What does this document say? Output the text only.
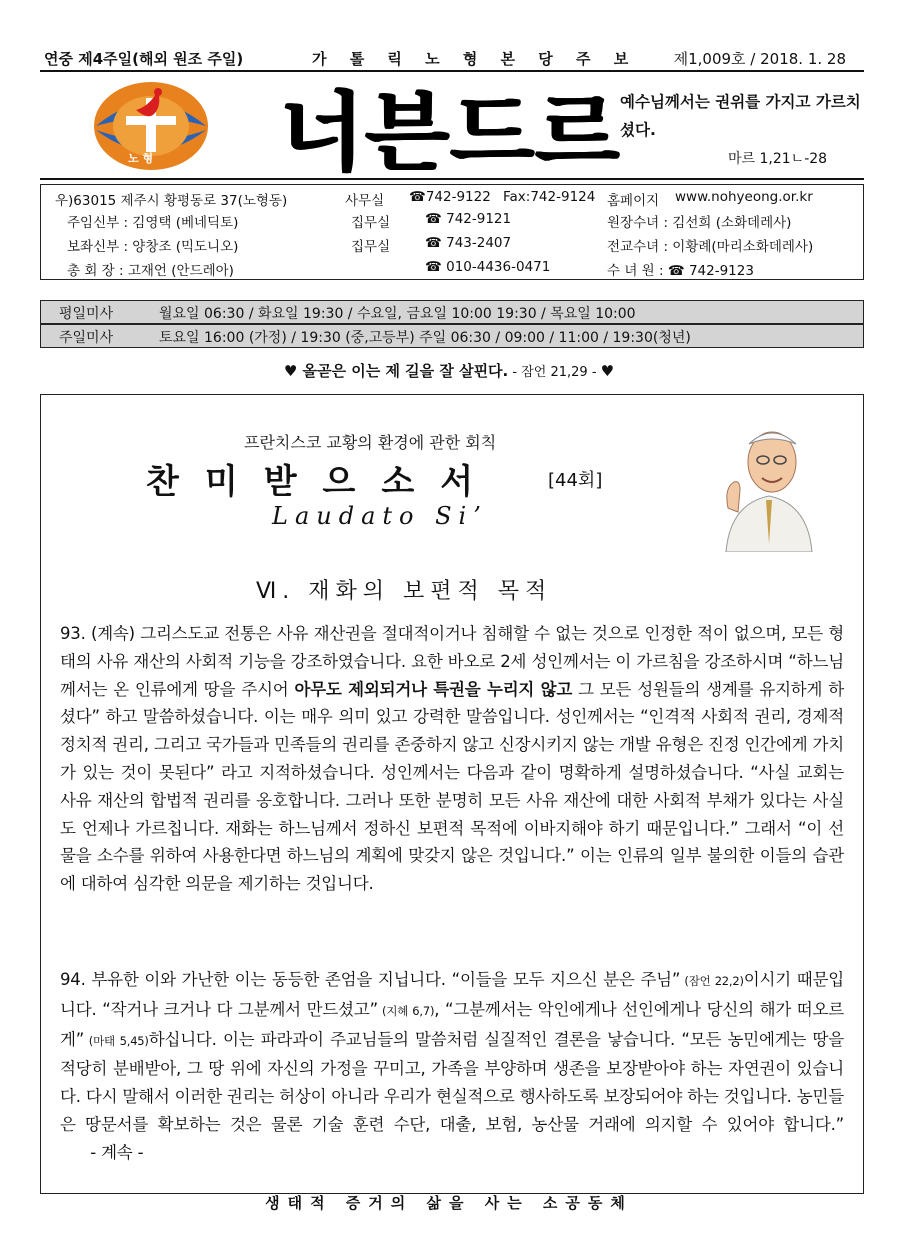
연중 제4주일(해외 원조 주일)	가 톨 릭 노 형 본 당 주 보 제1,009호 / 2018. 1. 28
노 형 너븐드르 예수님께서는 권위를 가지고 가르치셨다.
마르 1,21ㄴ-28
우)63015 제주시 황평동로 37(노형동)	사무실 ☎742-9122 Fax:742-9124 홈페이지 www.nohyeong.or.kr
주임신부 : 김영택 (베네딕토)	집무실	☎ 742-9121	원장수녀 : 김선희 (소화데레사)
보좌신부 : 양창조 (믹도니오)	집무실	☎ 743-2407	전교수녀 : 이황례(마리소화데레사)
총 회 장 : 고재언 (안드레아)	☎ 010-4436-0471	수 녀 원 : ☎ 742-9123
평일미사	월요일 06:30 / 화요일 19:30 / 수요일, 금요일 10:00 19:30 / 목요일 10:00
주일미사	토요일 16:00 (가정) / 19:30 (중,고등부) 주일 06:30 / 09:00 / 11:00 / 19:30(청년)
♥ 올곧은 이는 제 길을 잘 살핀다. - 잠언 21,29 - ♥
프란치스코 교황의 환경에 관한 회칙
찬미받으소서	[44회]
Laudato Si’
Ⅵ. 재화의 보편적 목적
93. (계속) 그리스도교 전통은 사유 재산권을 절대적이거나 침해할 수 없는 것으로 인정한 적이 없으며, 모든 형태의 사유 재산의 사회적 기능을 강조하였습니다. 요한 바오로 2세 성인께서는 이 가르침을 강조하시며 “하느님께서는 온 인류에게 땅을 주시어 아무도 제외되거나 특권을 누리지 않고 그 모든 성원들의 생계를 유지하게 하셨다” 하고 말씀하셨습니다. 이는 매우 의미 있고 강력한 말씀입니다. 성인께서는 “인격적 사회적 권리, 경제적 정치적 권리, 그리고 국가들과 민족들의 권리를 존중하지 않고 신장시키지 않는 개발 유형은 진정 인간에게 가치가 있는 것이 못된다” 라고 지적하셨습니다. 성인께서는 다음과 같이 명확하게 설명하셨습니다. “사실 교회는 사유 재산의 합법적 권리를 옹호합니다. 그러나 또한 분명히 모든 사유 재산에 대한 사회적 부채가 있다는 사실도 언제나 가르칩니다. 재화는 하느님께서 정하신 보편적 목적에 이바지해야 하기 때문입니다.” 그래서 “이 선물을 소수를 위하여 사용한다면 하느님의 계획에 맞갖지 않은 것입니다.” 이는 인류의 일부 불의한 이들의 습관에 대하여 심각한 의문을 제기하는 것입니다.
94. 부유한 이와 가난한 이는 동등한 존엄을 지닙니다. “이들을 모두 지으신 분은 주님” (잠언 22,2)이시기 때문입니다. “작거나 크거나 다 그분께서 만드셨고” (지혜 6,7), “그분께서는 악인에게나 선인에게나 당신의 해가 떠오르게” (마태 5,45)하십니다. 이는 파라과이 주교님들의 말씀처럼 실질적인 결론을 낳습니다. “모든 농민에게는 땅을 적당히 분배받아, 그 땅 위에 자신의 가정을 꾸미고, 가족을 부양하며 생존을 보장받아야 하는 자연권이 있습니다. 다시 말해서 이러한 권리는 허상이 아니라 우리가 현실적으로 행사하도록 보장되어야 하는 것입니다. 농민들은 땅문서를 확보하는 것은 물론 기술 훈련 수단, 대출, 보험, 농산물 거래에 의지할 수 있어야 합니다.”      - 계속 -
생태적 증거의 삶을 사는 소공동체
